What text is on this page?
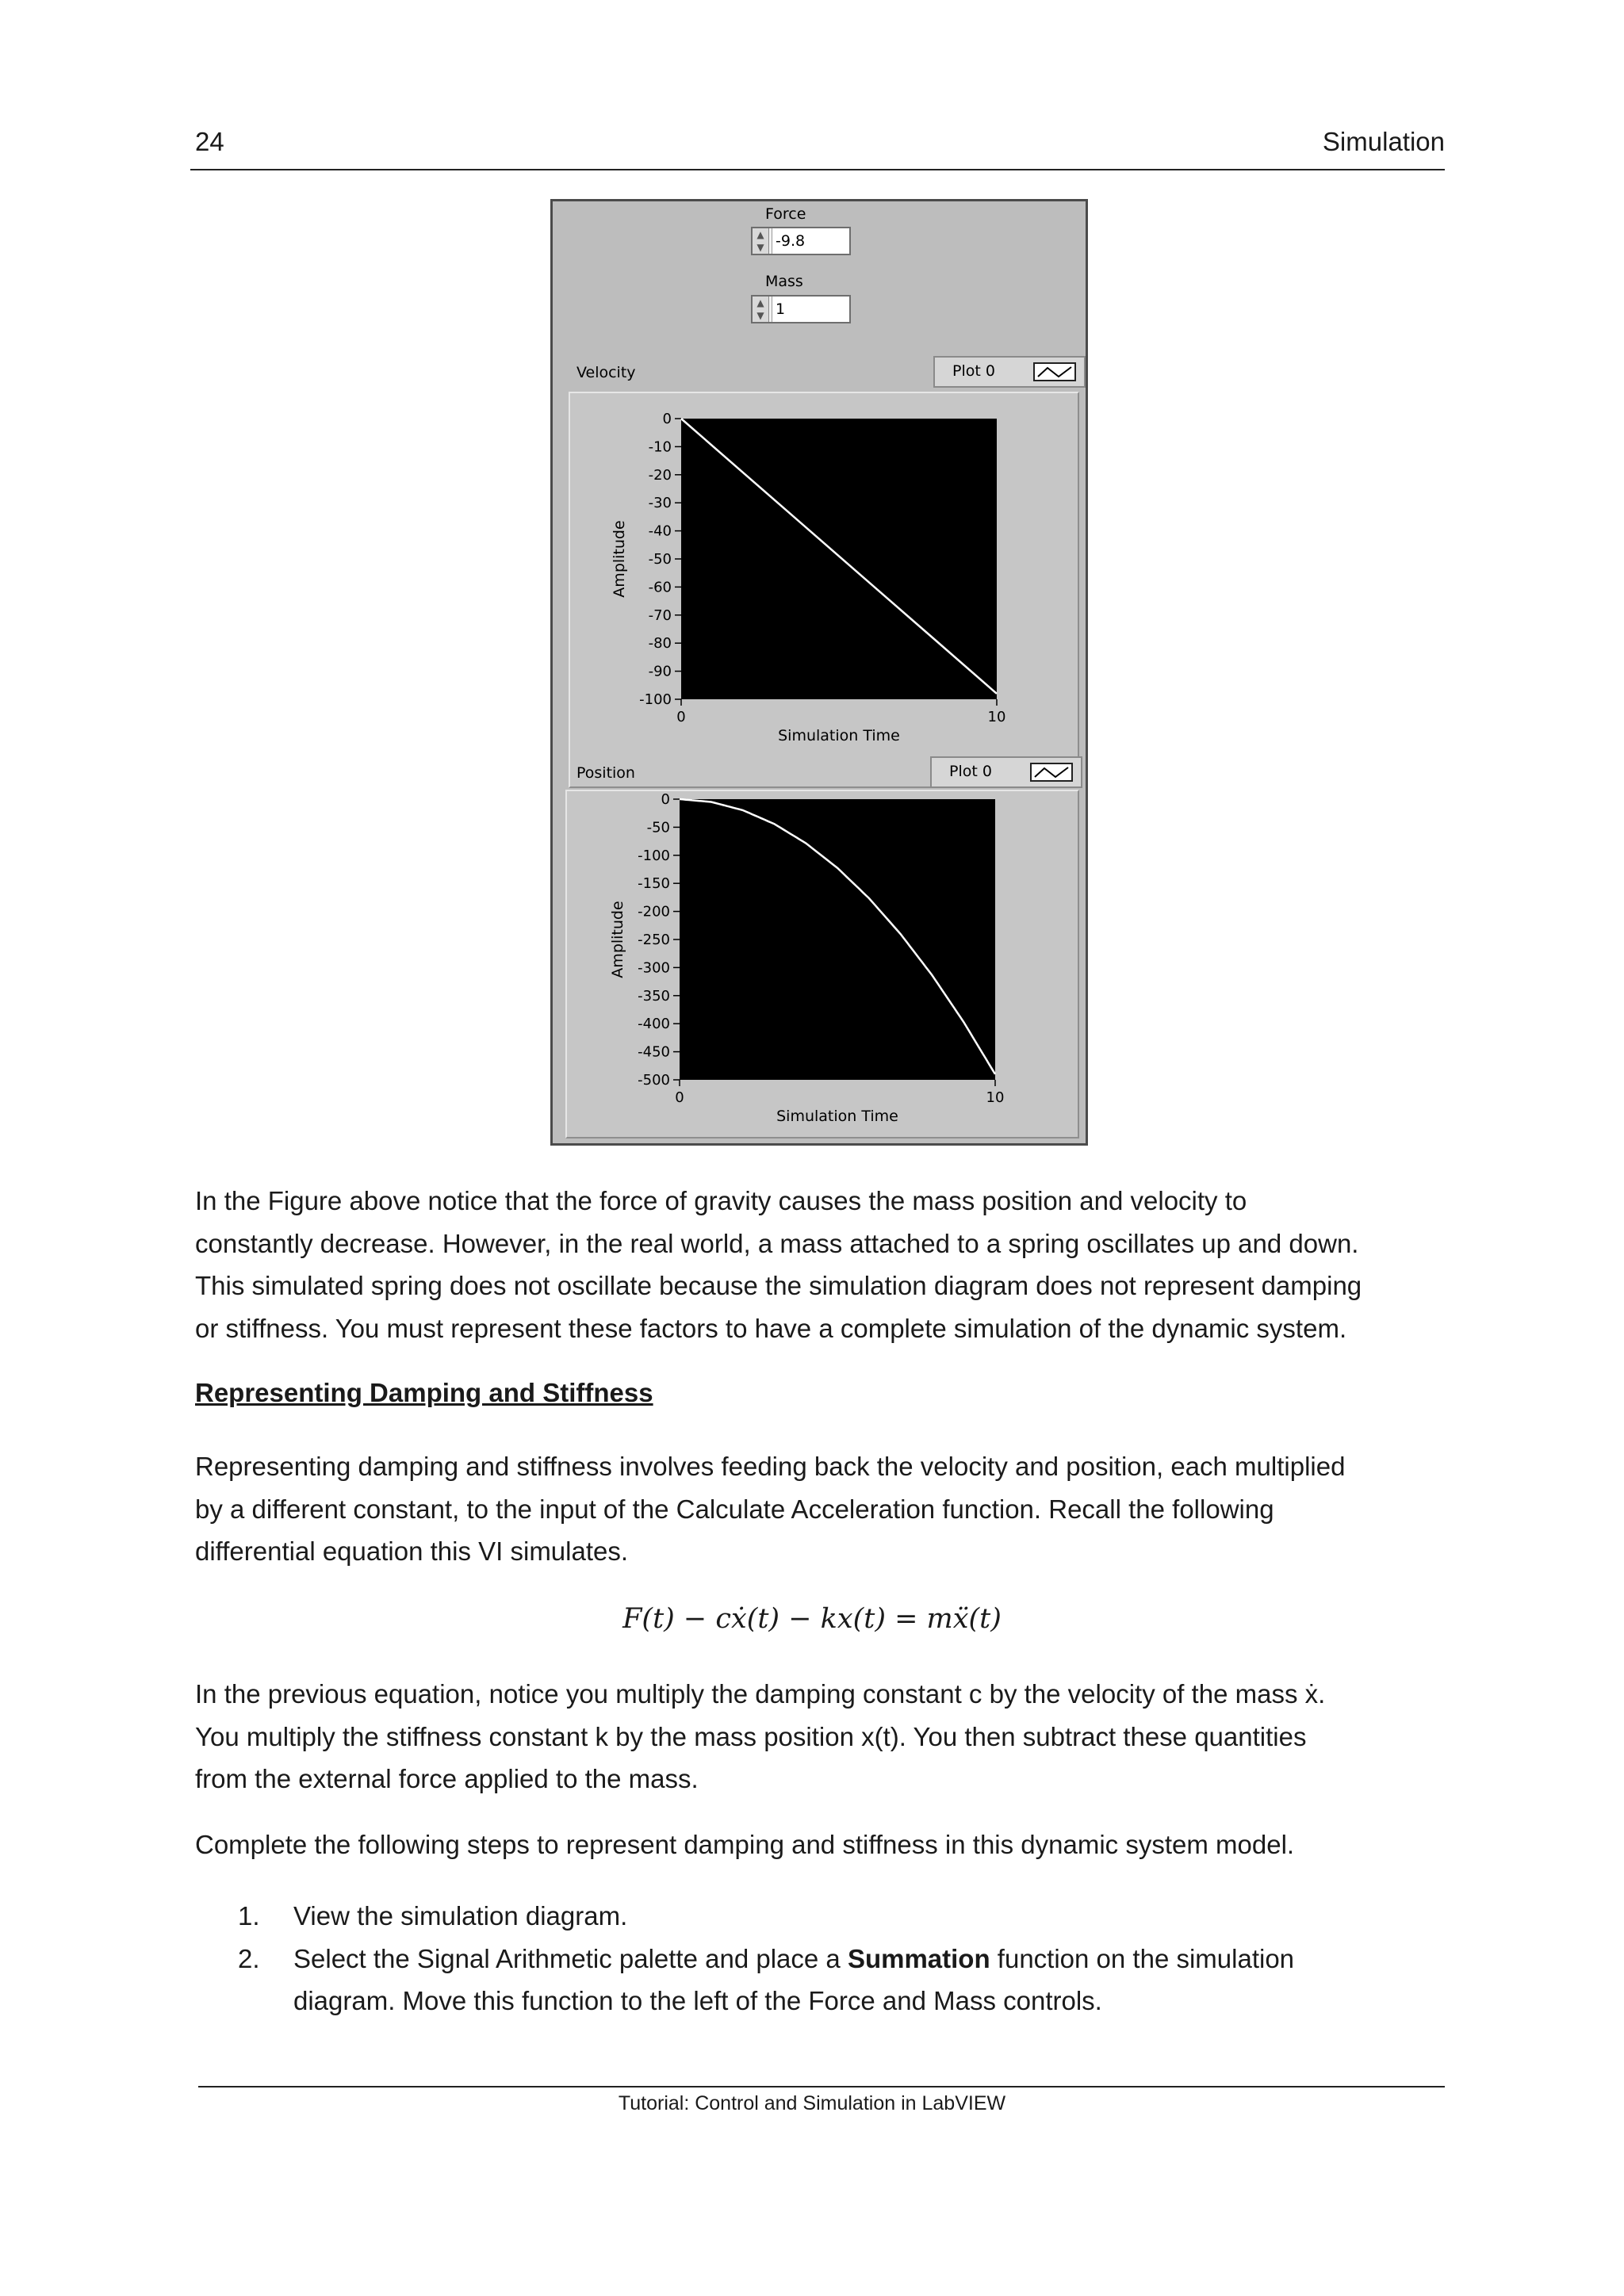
24	Simulation
Force
▲
▼ -9.8
Mass
▲
▼ 1
Velocity	Plot 0
0
-10
-20
-30
-40
-50
-60
-70
-80
-90
-100
0	10
Simulation Time
Amplitude
Position	Plot 0
0
-50
-100
-150
-200
-250
-300
-350
-400
-450
-500
0	10
Simulation Time
Amplitude
In the Figure above notice that the force of gravity causes the mass position and velocity to
constantly decrease. However, in the real world, a mass attached to a spring oscillates up and down.
This simulated spring does not oscillate because the simulation diagram does not represent damping
or stiffness. You must represent these factors to have a complete simulation of the dynamic system.
Representing Damping and Stiffness
Representing damping and stiffness involves feeding back the velocity and position, each multiplied
by a different constant, to the input of the Calculate Acceleration function. Recall the following
differential equation this VI simulates.
F(t) − cẋ(t) − kx(t) = mẍ(t)
In the previous equation, notice you multiply the damping constant c by the velocity of the mass ẋ.
You multiply the stiffness constant k by the mass position x(t). You then subtract these quantities
from the external force applied to the mass.
Complete the following steps to represent damping and stiffness in this dynamic system model.
1. View the simulation diagram.
2. Select the Signal Arithmetic palette and place a Summation function on the simulation
diagram. Move this function to the left of the Force and Mass controls.
Tutorial: Control and Simulation in LabVIEW
